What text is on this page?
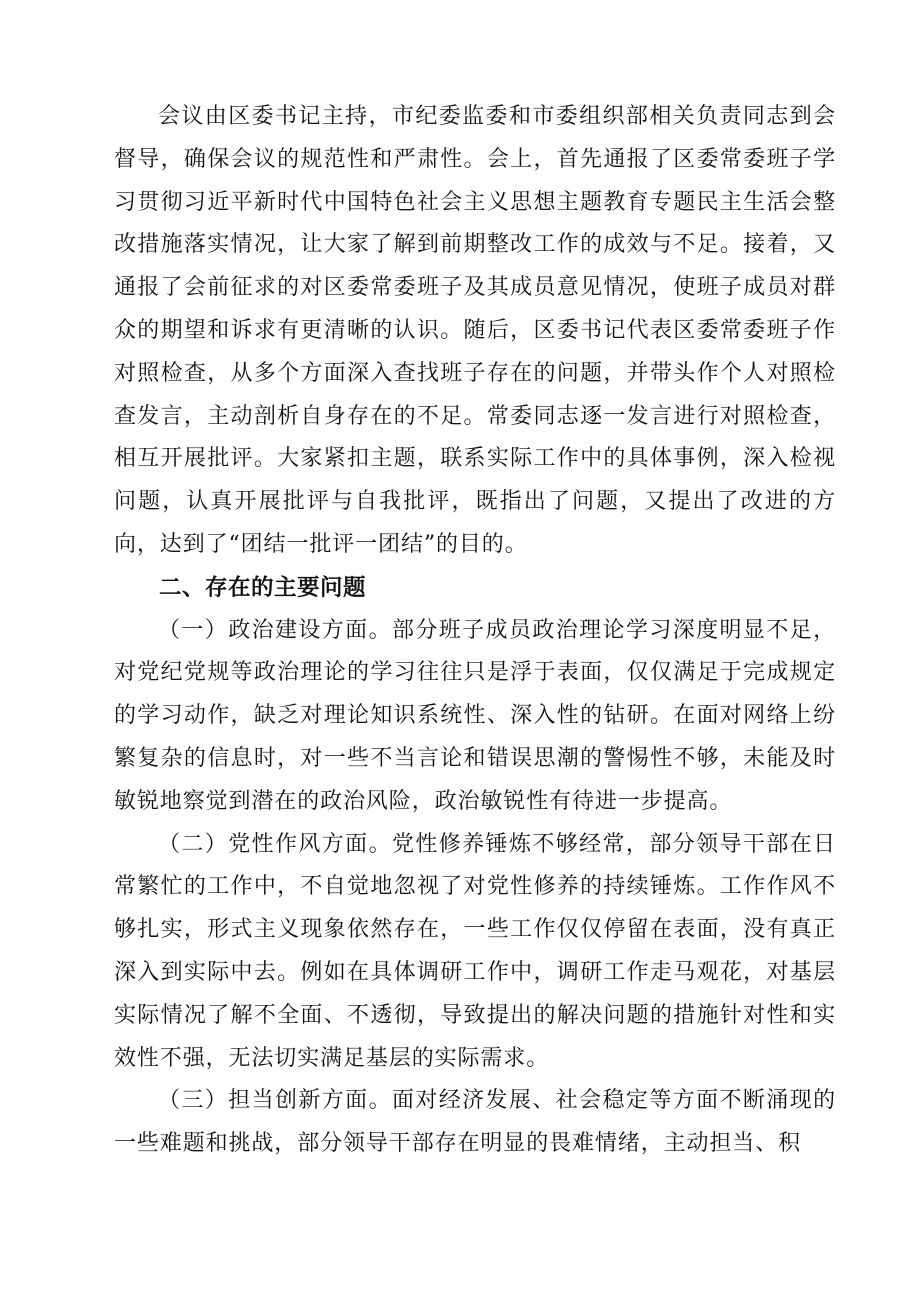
会议由区委书记主持，市纪委监委和市委组织部相关负责同志到会督导，确保会议的规范性和严肃性。会上，首先通报了区委常委班子学习贯彻习近平新时代中国特色社会主义思想主题教育专题民主生活会整改措施落实情况，让大家了解到前期整改工作的成效与不足。接着，又通报了会前征求的对区委常委班子及其成员意见情况，使班子成员对群众的期望和诉求有更清晰的认识。随后，区委书记代表区委常委班子作对照检查，从多个方面深入查找班子存在的问题，并带头作个人对照检查发言，主动剖析自身存在的不足。常委同志逐一发言进行对照检查，相互开展批评。大家紧扣主题，联系实际工作中的具体事例，深入检视问题，认真开展批评与自我批评，既指出了问题，又提出了改进的方向，达到了“团结一批评一团结”的目的。

二、存在的主要问题

（一）政治建设方面。部分班子成员政治理论学习深度明显不足，对党纪党规等政治理论的学习往往只是浮于表面，仅仅满足于完成规定的学习动作，缺乏对理论知识系统性、深入性的钻研。在面对网络上纷繁复杂的信息时，对一些不当言论和错误思潮的警惕性不够，未能及时敏锐地察觉到潜在的政治风险，政治敏锐性有待进一步提高。

（二）党性作风方面。党性修养锤炼不够经常，部分领导干部在日常繁忙的工作中，不自觉地忽视了对党性修养的持续锤炼。工作作风不够扎实，形式主义现象依然存在，一些工作仅仅停留在表面，没有真正深入到实际中去。例如在具体调研工作中，调研工作走马观花，对基层实际情况了解不全面、不透彻，导致提出的解决问题的措施针对性和实效性不强，无法切实满足基层的实际需求。

（三）担当创新方面。面对经济发展、社会稳定等方面不断涌现的一些难题和挑战，部分领导干部存在明显的畏难情绪，主动担当、积
